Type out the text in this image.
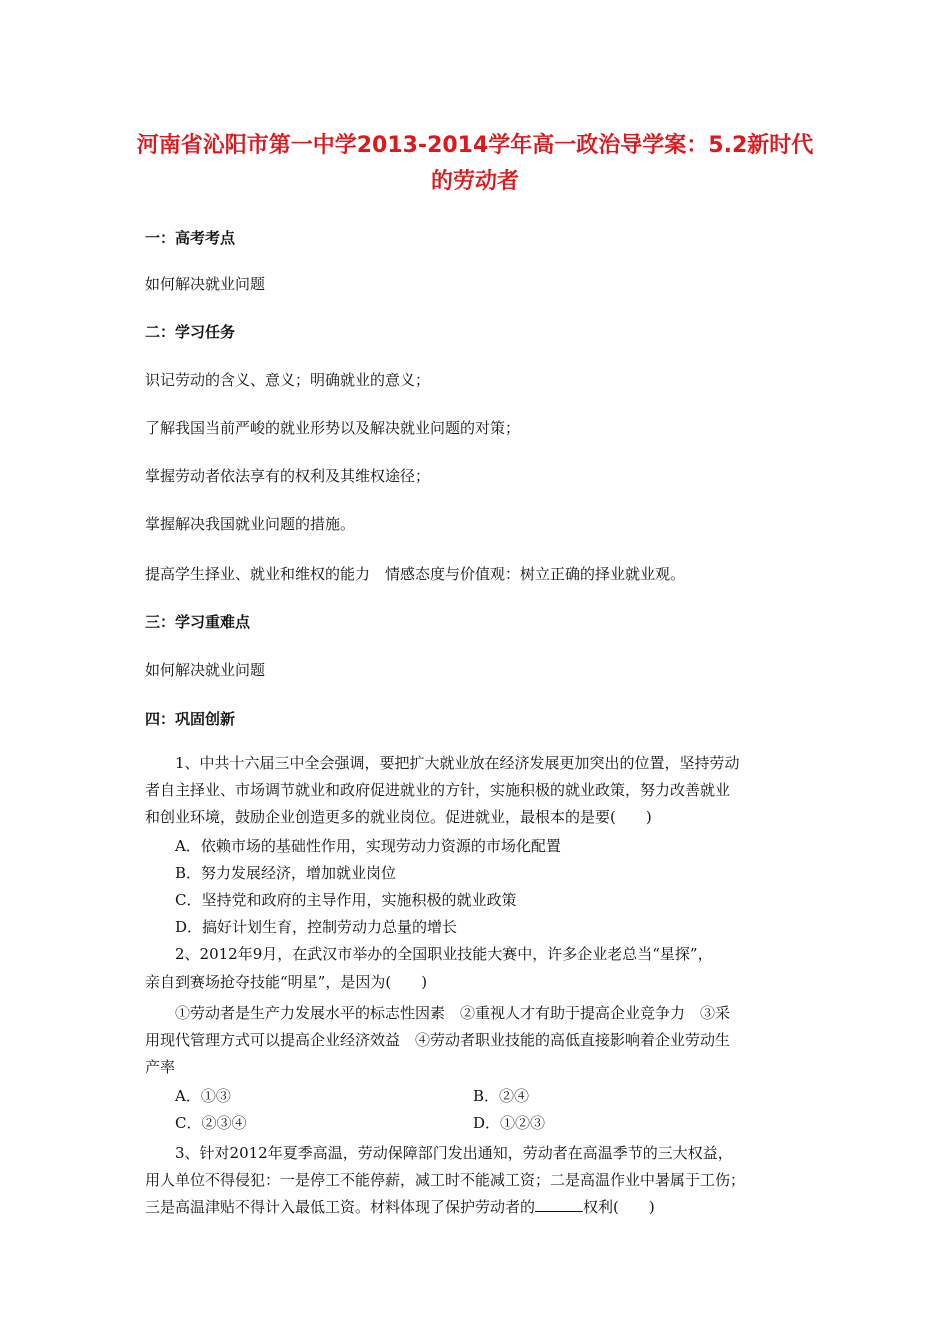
河南省沁阳市第一中学2013-2014学年高一政治导学案：5.2新时代
的劳动者
一：高考考点
如何解决就业问题
二：学习任务
识记劳动的含义、意义；明确就业的意义；
了解我国当前严峻的就业形势以及解决就业问题的对策；
掌握劳动者依法享有的权利及其维权途径；
掌握解决我国就业问题的措施。
提高学生择业、就业和维权的能力　情感态度与价值观：树立正确的择业就业观。
三：学习重难点
如何解决就业问题
四：巩固创新
1、中共十六届三中全会强调，要把扩大就业放在经济发展更加突出的位置，坚持劳动
者自主择业、市场调节就业和政府促进就业的方针，实施积极的就业政策，努力改善就业
和创业环境，鼓励企业创造更多的就业岗位。促进就业，最根本的是要(　　)
A．依赖市场的基础性作用，实现劳动力资源的市场化配置
B．努力发展经济，增加就业岗位
C．坚持党和政府的主导作用，实施积极的就业政策
D．搞好计划生育，控制劳动力总量的增长
2、2012年9月，在武汉市举办的全国职业技能大赛中，许多企业老总当“星探”，
亲自到赛场抢夺技能“明星”，是因为(　　)
①劳动者是生产力发展水平的标志性因素　②重视人才有助于提高企业竞争力　③采
用现代管理方式可以提高企业经济效益　④劳动者职业技能的高低直接影响着企业劳动生
产率
A．①③	B．②④
C．②③④	D．①②③
3、针对2012年夏季高温，劳动保障部门发出通知，劳动者在高温季节的三大权益，
用人单位不得侵犯：一是停工不能停薪，减工时不能减工资；二是高温作业中暑属于工伤；
三是高温津贴不得计入最低工资。材料体现了保护劳动者的	权利(　　)
